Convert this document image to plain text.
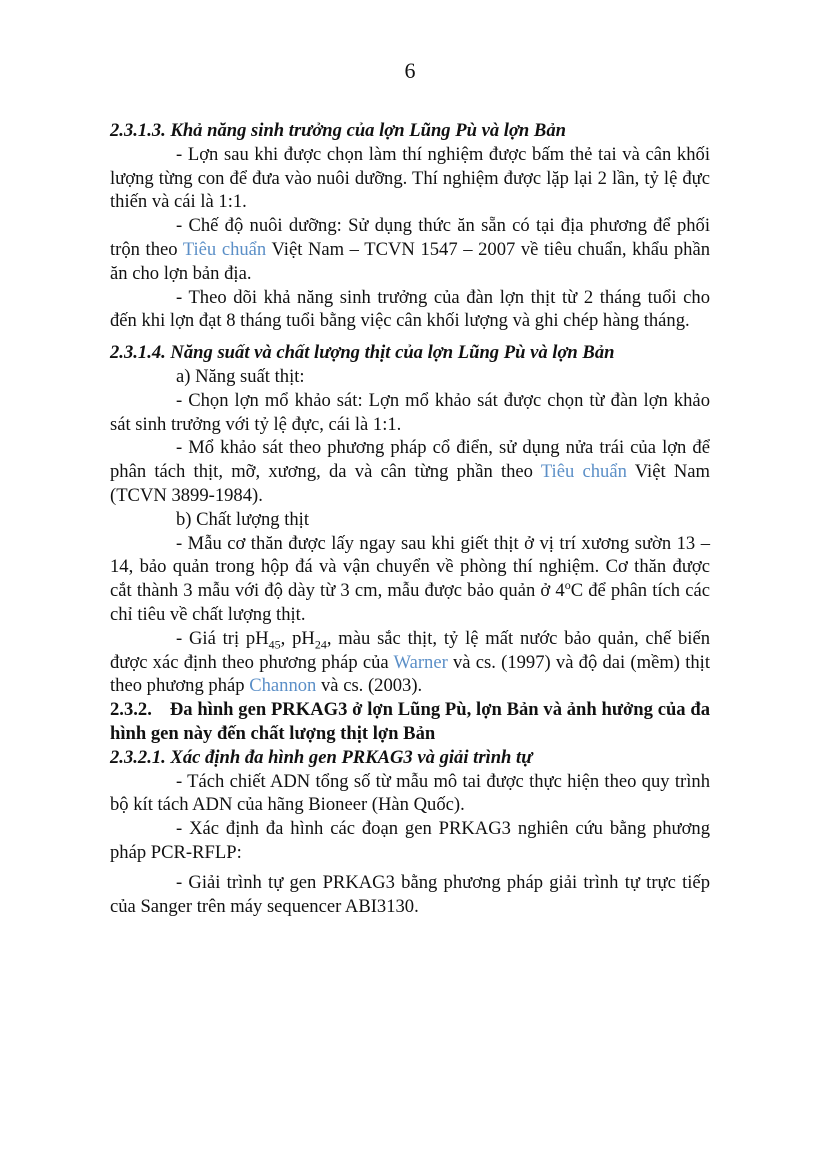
6
2.3.1.3. Khả năng sinh trưởng của lợn Lũng Pù và lợn Bản

- Lợn sau khi được chọn làm thí nghiệm được bấm thẻ tai và cân khối lượng từng con để đưa vào nuôi dưỡng. Thí nghiệm được lặp lại 2 lần, tỷ lệ đực thiến và cái là 1:1.

- Chế độ nuôi dưỡng: Sử dụng thức ăn sẵn có tại địa phương để phối trộn theo Tiêu chuẩn Việt Nam – TCVN 1547 – 2007 về tiêu chuẩn, khẩu phần ăn cho lợn bản địa.

- Theo dõi khả năng sinh trưởng của đàn lợn thịt từ 2 tháng tuổi cho đến khi lợn đạt 8 tháng tuổi bằng việc cân khối lượng và ghi chép hàng tháng.

2.3.1.4. Năng suất và chất lượng thịt của lợn Lũng Pù và lợn Bản

a) Năng suất thịt:

- Chọn lợn mổ khảo sát: Lợn mổ khảo sát được chọn từ đàn lợn khảo sát sinh trưởng với tỷ lệ đực, cái là 1:1.

- Mổ khảo sát theo phương pháp cổ điển, sử dụng nửa trái của lợn để phân tách thịt, mỡ, xương, da và cân từng phần theo Tiêu chuẩn Việt Nam (TCVN 3899-1984).

b) Chất lượng thịt

- Mẫu cơ thăn được lấy ngay sau khi giết thịt ở vị trí xương sườn 13 – 14, bảo quản trong hộp đá và vận chuyển về phòng thí nghiệm. Cơ thăn được cắt thành 3 mẫu với độ dày từ 3 cm, mẫu được bảo quản ở 4$^o$C để phân tích các chỉ tiêu về chất lượng thịt.

- Giá trị $pH_{45}$, $pH_{24}$, màu sắc thịt, tỷ lệ mất nước bảo quản, chế biến được xác định theo phương pháp của Warner và cs. (1997) và độ dai (mềm) thịt theo phương pháp Channon và cs. (2003).

2.3.2. Đa hình gen PRKAG3 ở lợn Lũng Pù, lợn Bản và ảnh hưởng của đa hình gen này đến chất lượng thịt lợn Bản
2.3.2.1. Xác định đa hình gen PRKAG3 và giải trình tự

- Tách chiết ADN tổng số từ mẫu mô tai được thực hiện theo quy trình bộ kít tách ADN của hãng Bioneer (Hàn Quốc).

- Xác định đa hình các đoạn gen PRKAG3 nghiên cứu bằng phương pháp PCR-RFLP:

- Giải trình tự gen PRKAG3 bằng phương pháp giải trình tự trực tiếp của Sanger trên máy sequencer ABI3130.
